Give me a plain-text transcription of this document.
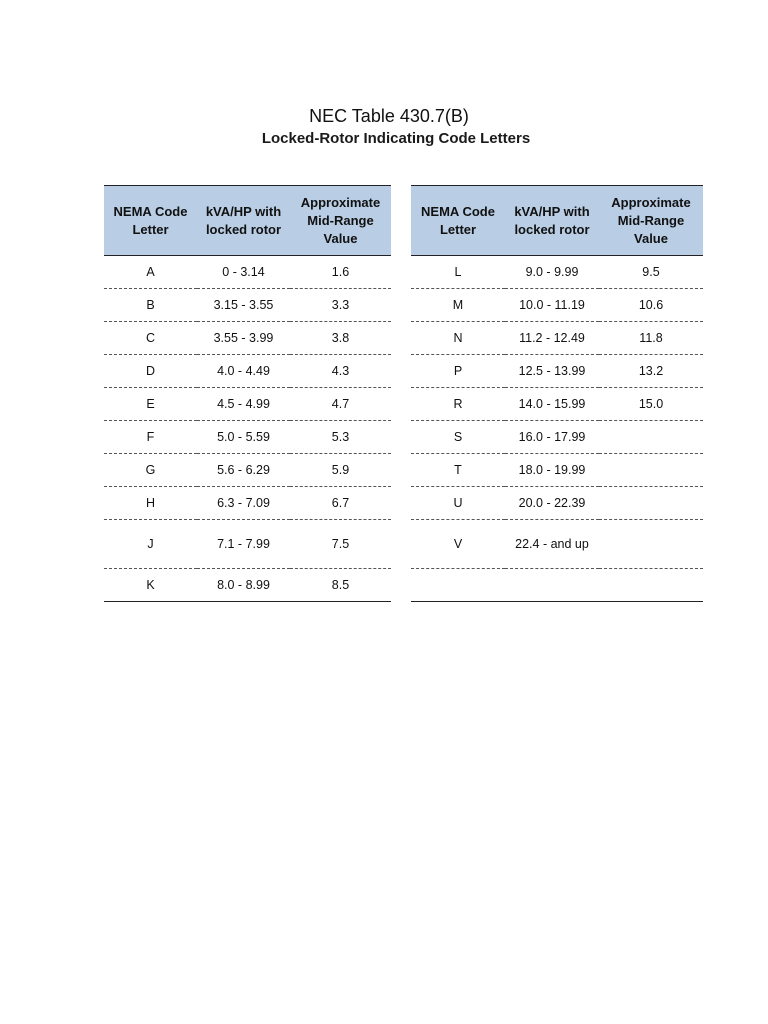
NEC Table 430.7(B)
Locked-Rotor Indicating Code Letters
NEMA Code Letter	kVA/HP with locked rotor	Approximate Mid-Range Value
A	0 - 3.14	1.6
B	3.15 - 3.55	3.3
C	3.55 - 3.99	3.8
D	4.0 - 4.49	4.3
E	4.5 - 4.99	4.7
F	5.0 - 5.59	5.3
G	5.6 - 6.29	5.9
H	6.3 - 7.09	6.7
J	7.1 - 7.99	7.5
K	8.0 - 8.99	8.5
NEMA Code Letter	kVA/HP with locked rotor	Approximate Mid-Range Value
L	9.0 - 9.99	9.5
M	10.0 - 11.19	10.6
N	11.2 - 12.49	11.8
P	12.5 - 13.99	13.2
R	14.0 - 15.99	15.0
S	16.0 - 17.99	
T	18.0 - 19.99	
U	20.0 - 22.39	
V	22.4 - and up	
